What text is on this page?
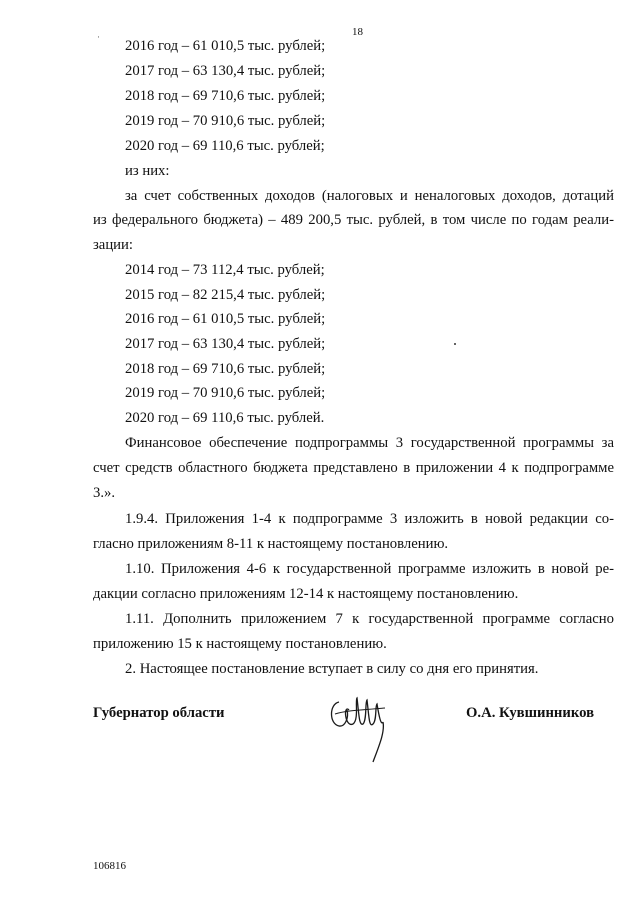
18
·
2016 год – 61 010,5 тыс. рублей;
2017 год – 63 130,4 тыс. рублей;
2018 год – 69 710,6 тыс. рублей;
2019 год – 70 910,6 тыс. рублей;
2020 год – 69 110,6 тыс. рублей;
из них:
за счет собственных доходов (налоговых и неналоговых доходов, дотаций
из федерального бюджета) – 489 200,5 тыс. рублей, в том числе по годам реали-
зации:
2014 год – 73 112,4 тыс. рублей;
2015 год – 82 215,4 тыс. рублей;
2016 год – 61 010,5 тыс. рублей;
2017 год – 63 130,4 тыс. рублей;
2018 год – 69 710,6 тыс. рублей;
2019 год – 70 910,6 тыс. рублей;
2020 год – 69 110,6 тыс. рублей.
Финансовое обеспечение подпрограммы 3 государственной программы за
счет средств областного бюджета представлено в приложении 4 к подпрограмме
3.».
1.9.4. Приложения 1-4 к подпрограмме 3 изложить в новой редакции со-
гласно приложениям 8-11 к настоящему постановлению.
1.10. Приложения 4-6 к государственной программе изложить в новой ре-
дакции согласно приложениям 12-14 к настоящему постановлению.
1.11. Дополнить приложением 7 к государственной программе согласно
приложению 15 к настоящему постановлению.
2. Настоящее постановление вступает в силу со дня его принятия.
Губернатор области	О.А. Кувшинников
106816
